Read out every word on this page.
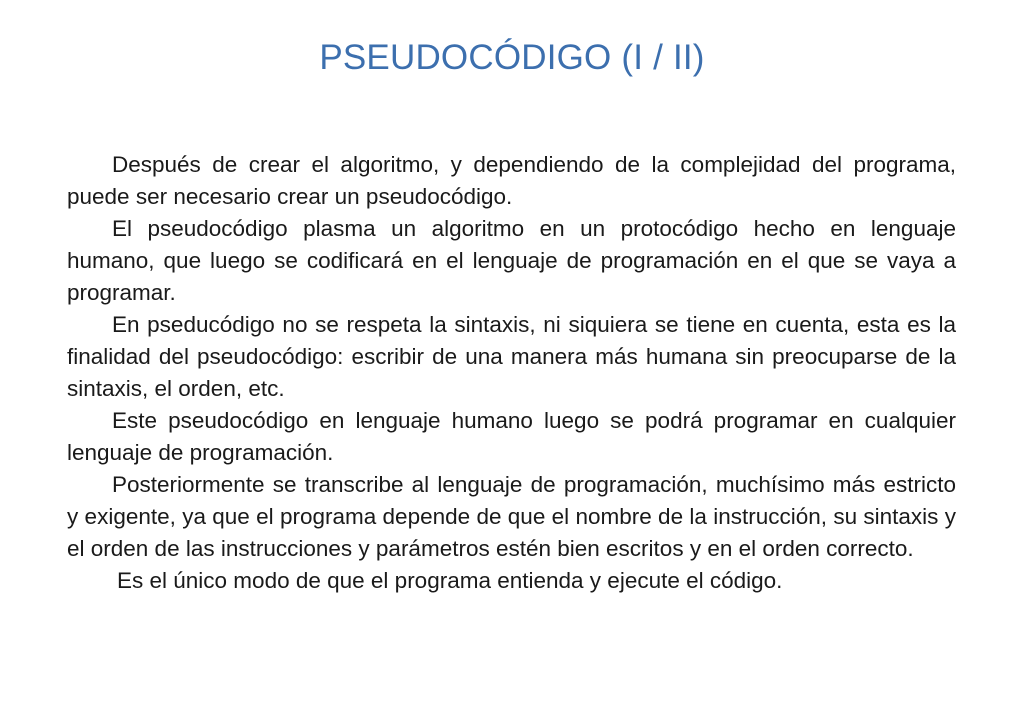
PSEUDOCÓDIGO (I / II)

Después de crear el algoritmo, y dependiendo de la complejidad del programa, puede ser necesario crear un pseudocódigo.

El pseudocódigo plasma un algoritmo en un protocódigo hecho en lenguaje humano, que luego se codificará en el lenguaje de programación en el que se vaya a programar.

En pseducódigo no se respeta la sintaxis, ni siquiera se tiene en cuenta, esta es la finalidad del pseudocódigo: escribir de una manera más humana sin preocuparse de la sintaxis, el orden, etc.

Este pseudocódigo en lenguaje humano luego se podrá programar en cualquier lenguaje de programación.

Posteriormente se transcribe al lenguaje de programación, muchísimo más estricto y exigente, ya que el programa depende de que el nombre de la instrucción, su sintaxis y el orden de las instrucciones y parámetros estén bien escritos y en el orden correcto.

Es el único modo de que el programa entienda y ejecute el código.
